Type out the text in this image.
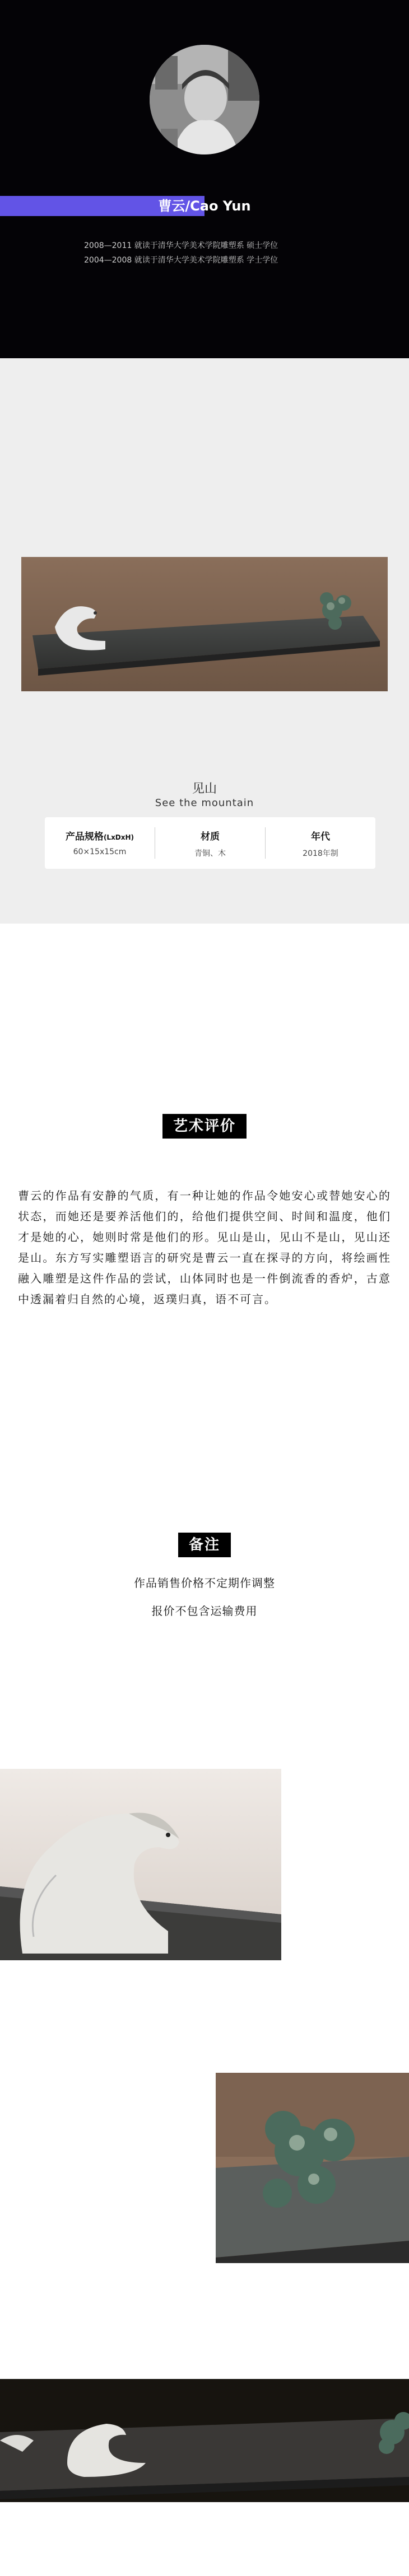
曹云/Cao Yun
2008—2011 就读于清华大学美术学院雕塑系 硕士学位
2004—2008 就读于清华大学美术学院雕塑系 学士学位
见山
See the mountain
产品规格(LxDxH)
60×15x15cm
材质
青铜、木
年代
2018年制
艺术评价
曹云的作品有安静的气质，有一种让她的作品令她安心或替她安心的状态，而她还是要养活他们的，给他们提供空间、时间和温度，他们才是她的心，她则时常是他们的形。见山是山，见山不是山，见山还是山。东方写实雕塑语言的研究是曹云一直在探寻的方向，将绘画性融入雕塑是这件作品的尝试，山体同时也是一件倒流香的香炉，古意中透漏着归自然的心境，返璞归真，语不可言。
备注
作品销售价格不定期作调整
报价不包含运输费用
